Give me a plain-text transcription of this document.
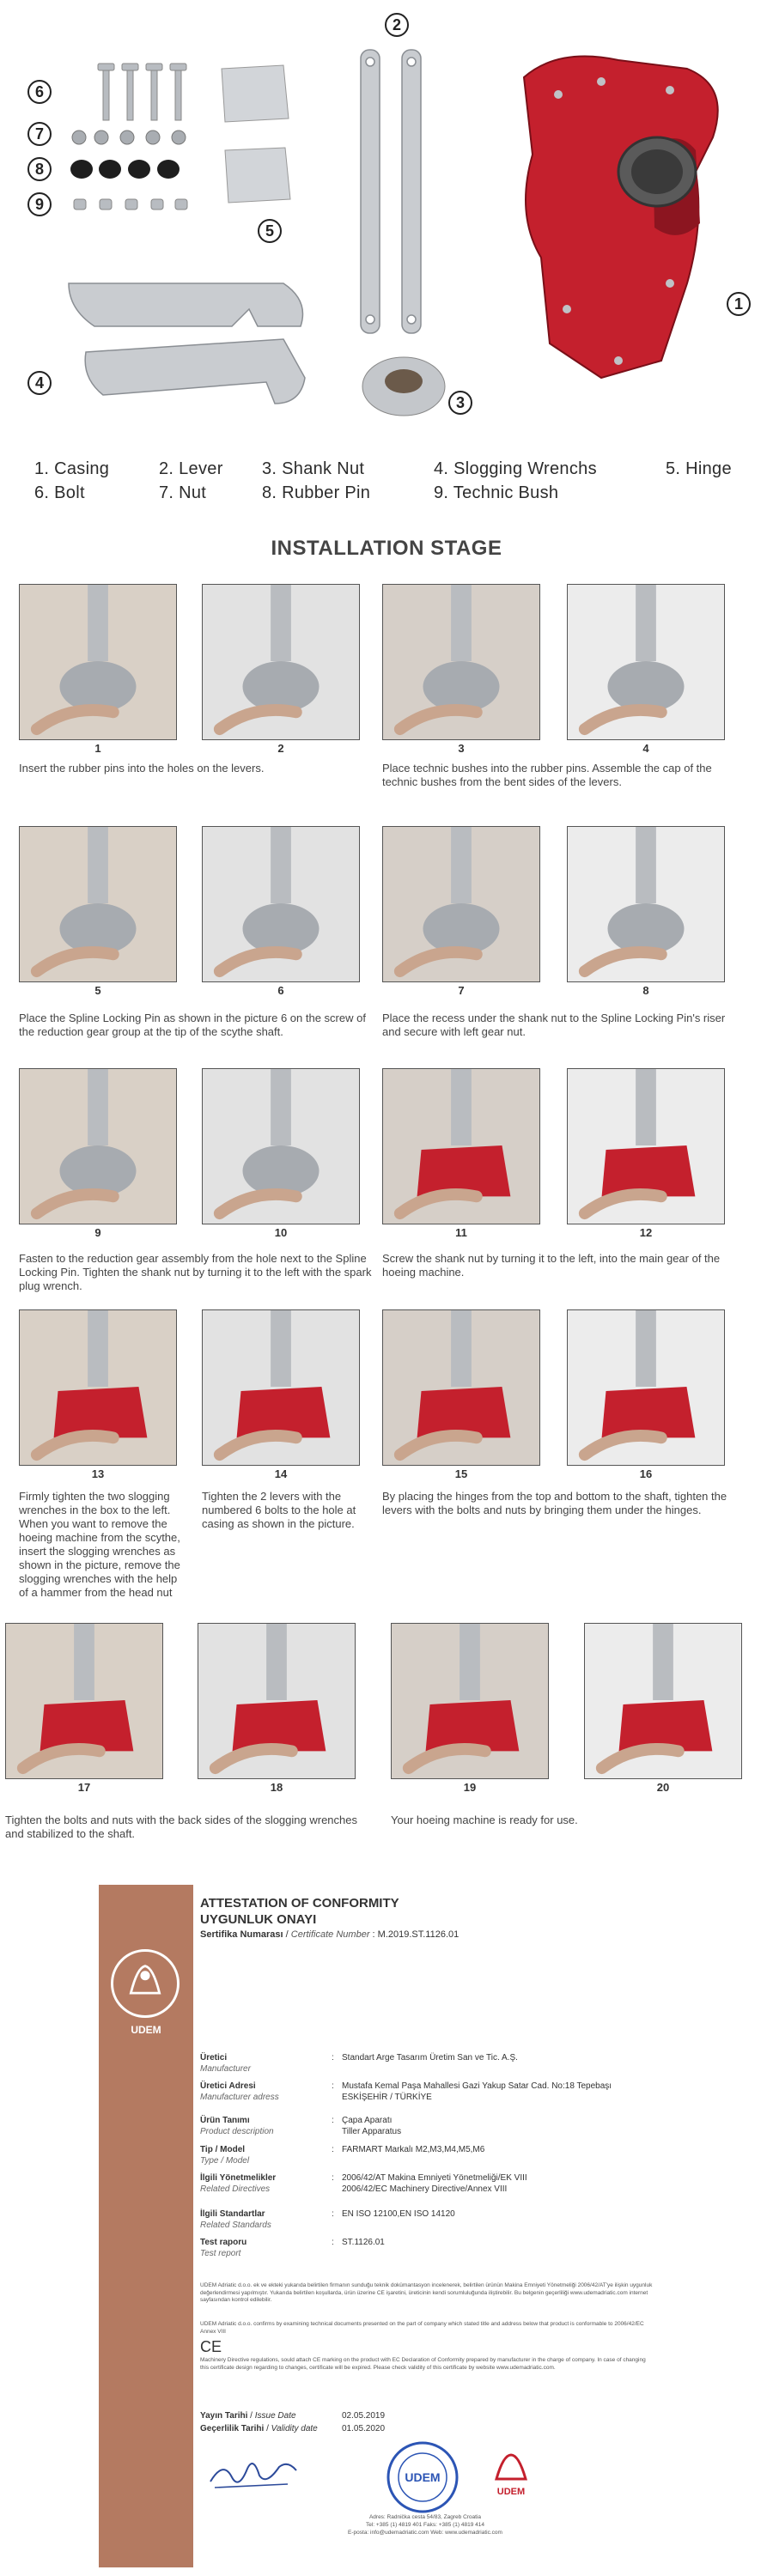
6
7
8
9
2
5
4
3
1
1. Casing	2. Lever	3. Shank Nut	4. Slogging Wrenchs	5. Hinge
6. Bolt	7. Nut	8. Rubber Pin	9. Technic Bush
INSTALLATION STAGE
1	2	3	4
5	6	7	8
9	10	11	12
13	14	15	16
17	18	19	20
Insert the rubber pins into the holes on the levers.	Place technic bushes into the rubber pins. Assemble the cap of the technic bushes from the bent sides of the levers.
Place the Spline Locking Pin as shown in the picture 6 on the screw of the reduction gear group at the tip of the scythe shaft.
Place the recess under the shank nut to the Spline Locking Pin's riser and secure with left gear nut.
Fasten to the reduction gear assembly from the hole next to the Spline Locking Pin. Tighten the shank nut by turning it to the left with the spark plug wrench.
Screw the shank nut by turning it to the left, into the main gear of the hoeing machine.
Firmly tighten the two slogging wrenches in the box to the left. When you want to remove the hoeing machine from the scythe, insert the slogging wrenches as shown in the picture, remove the slogging wrenches with the help of a hammer from the head nut
Tighten the 2 levers with the numbered 6 bolts to the hole at casing as shown in the picture.
By placing the hinges from the top and bottom to the shaft, tighten the levers with the bolts and nuts by bringing them under the hinges.
Tighten the bolts and nuts with the back sides of the slogging wrenches and stabilized to the shaft.
Your hoeing machine is ready for use.
UDEM
ATTESTATION OF CONFORMITY
UYGUNLUK ONAYI
Sertifika Numarası / Certificate Number : M.2019.ST.1126.01
Üretici
Manufacturer
: Standart Arge Tasarım Üretim San ve Tic. A.Ş.
Üretici Adresi
Manufacturer adress
: Mustafa Kemal Paşa Mahallesi Gazi Yakup Satar Cad. No:18 Tepebaşı ESKİŞEHİR / TÜRKİYE
Ürün Tanımı
Product description
: Çapa Aparatı
Tiller Apparatus
Tip / Model
Type / Model
: FARMART Markalı M2,M3,M4,M5,M6
İlgili Yönetmelikler
Related Directives
: 2006/42/AT Makina Emniyeti Yönetmeliği/EK VIII
2006/42/EC Machinery Directive/Annex VIII
İlgili Standartlar
Related Standards
: EN ISO 12100,EN ISO 14120
Test raporu
Test report
: ST.1126.01
UDEM Adriatic d.o.o. ek ve ekteki yukarıda belirtilen firmanın sunduğu teknik dokümantasyon incelenerek, belirtilen ürünün Makina Emniyeti Yönetmeliği 2006/42/AT'ye ilişkin uygunluk değerlendirmesi yapılmıştır. Yukarıda belirtilen koşullarda, ürün üzerine CE işaretini, üreticinin kendi sorumluluğunda iliştirebilir. Bu belgenin geçerliliği www.udemadriatic.com internet sayfasından kontrol edilebilir.
UDEM Adriatic d.o.o. confirms by examining technical documents presented on the part of company which stated title and address below that product is conformable to 2006/42/EC Annex VIII
CE
Machinery Directive regulations, sould attach CE marking on the product with EC Declaration of Conformity prepared by manufacturer in the charge of company. In case of changing this certificate design regarding to changes, certificate will be expired. Please check validity of this certificate by website www.udemadriatic.com.
Yayın Tarihi / Issue Date	02.05.2019
Geçerlilik Tarihi / Validity date	01.05.2020
UDEM
UDEM
Adres: Radnička cesta 54/83, Zagreb Croatia
Tel: +385 (1) 4819 401 Faks: +385 (1) 4819 414
E-posta: info@udemadriatic.com Web: www.udemadriatic.com
